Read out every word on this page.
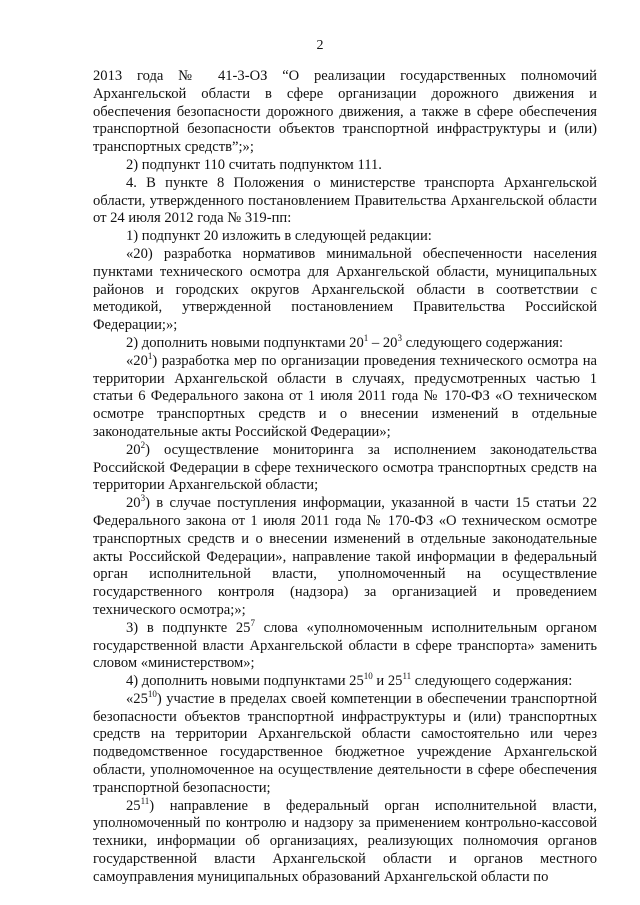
2

2013 года № 41-3-ОЗ “О реализации государственных полномочий Архангельской области в сфере организации дорожного движения и обеспечения безопасности дорожного движения, а также в сфере обеспечения транспортной безопасности объектов транспортной инфраструктуры и (или) транспортных средств”;»;

2) подпункт 110 считать подпунктом 111.

4. В пункте 8 Положения о министерстве транспорта Архангельской области, утвержденного постановлением Правительства Архангельской области от 24 июля 2012 года № 319-пп:

1) подпункт 20 изложить в следующей редакции:

«20) разработка нормативов минимальной обеспеченности населения пунктами технического осмотра для Архангельской области, муниципальных районов и городских округов Архангельской области в соответствии с методикой, утвержденной постановлением Правительства Российской Федерации;»;

2) дополнить новыми подпунктами $20^1 - 20^3$ следующего содержания:

«$20^1$) разработка мер по организации проведения технического осмотра на территории Архангельской области в случаях, предусмотренных частью 1 статьи 6 Федерального закона от 1 июля 2011 года № 170-ФЗ «О техническом осмотре транспортных средств и о внесении изменений в отдельные законодательные акты Российской Федерации»;

$20^2$) осуществление мониторинга за исполнением законодательства Российской Федерации в сфере технического осмотра транспортных средств на территории Архангельской области;

$20^3$) в случае поступления информации, указанной в части 15 статьи 22 Федерального закона от 1 июля 2011 года № 170-ФЗ «О техническом осмотре транспортных средств и о внесении изменений в отдельные законодательные акты Российской Федерации», направление такой информации в федеральный орган исполнительной власти, уполномоченный на осуществление государственного контроля (надзора) за организацией и проведением технического осмотра;»;

3) в подпункте $25^7$ слова «уполномоченным исполнительным органом государственной власти Архангельской области в сфере транспорта» заменить словом «министерством»;

4) дополнить новыми подпунктами $25^{10}$ и $25^{11}$ следующего содержания:

«$25^{10}$) участие в пределах своей компетенции в обеспечении транспортной безопасности объектов транспортной инфраструктуры и (или) транспортных средств на территории Архангельской области самостоятельно или через подведомственное государственное бюджетное учреждение Архангельской области, уполномоченное на осуществление деятельности в сфере обеспечения транспортной безопасности;

$25^{11}$) направление в федеральный орган исполнительной власти, уполномоченный по контролю и надзору за применением контрольно-кассовой техники, информации об организациях, реализующих полномочия органов государственной власти Архангельской области и органов местного самоуправления муниципальных образований Архангельской области по
